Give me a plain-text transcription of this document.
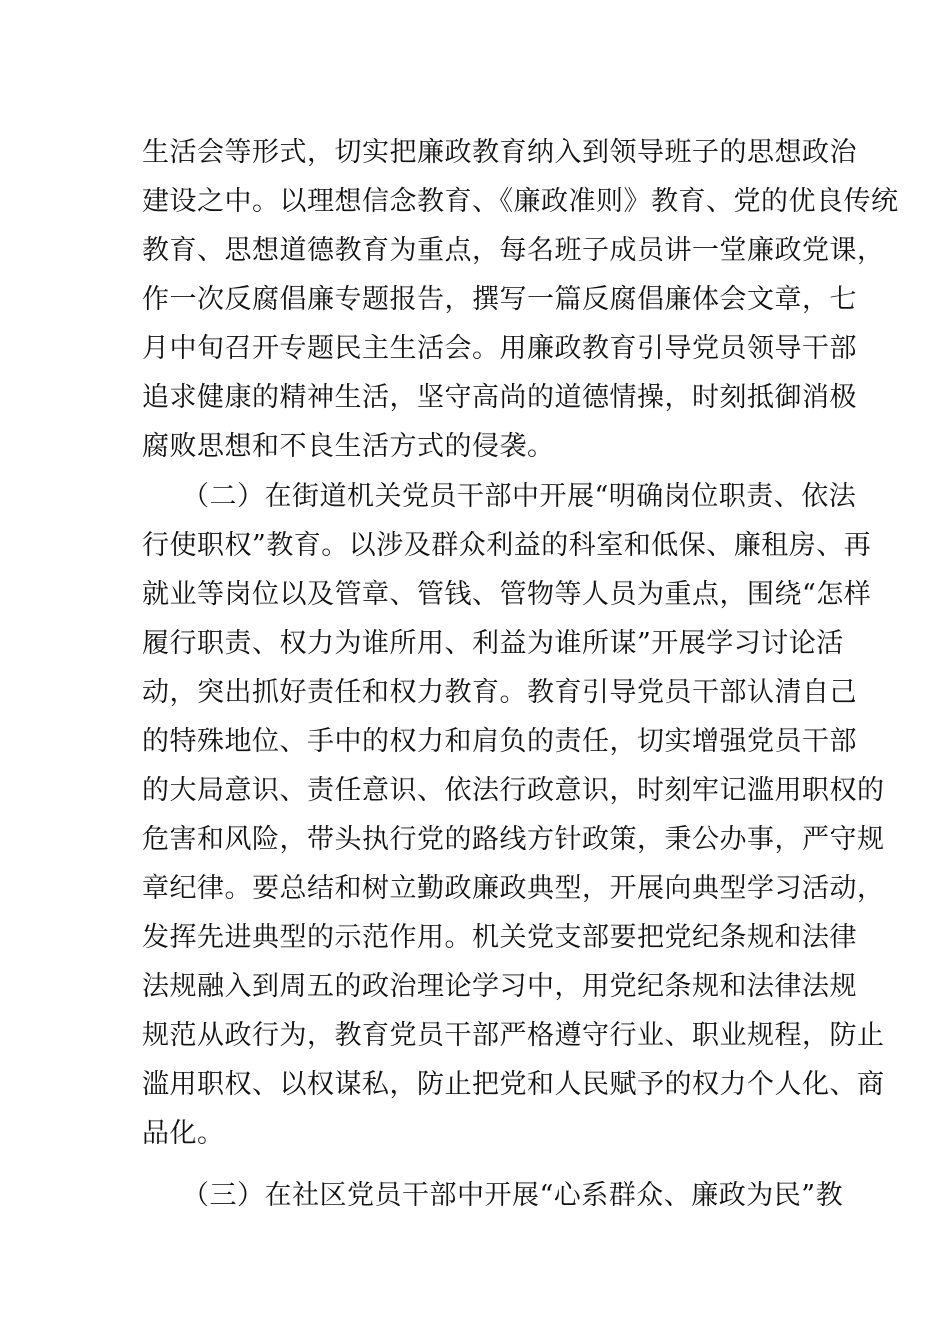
生活会等形式，切实把廉政教育纳入到领导班子的思想政治
建设之中。以理想信念教育、《廉政准则》教育、党的优良传统
教育、思想道德教育为重点，每名班子成员讲一堂廉政党课，
作一次反腐倡廉专题报告，撰写一篇反腐倡廉体会文章，七
月中旬召开专题民主生活会。用廉政教育引导党员领导干部
追求健康的精神生活，坚守高尚的道德情操，时刻抵御消极
腐败思想和不良生活方式的侵袭。
（二）在街道机关党员干部中开展“明确岗位职责、依法
行使职权”教育。以涉及群众利益的科室和低保、廉租房、再
就业等岗位以及管章、管钱、管物等人员为重点，围绕“怎样
履行职责、权力为谁所用、利益为谁所谋”开展学习讨论活
动，突出抓好责任和权力教育。教育引导党员干部认清自己
的特殊地位、手中的权力和肩负的责任，切实增强党员干部
的大局意识、责任意识、依法行政意识，时刻牢记滥用职权的
危害和风险，带头执行党的路线方针政策，秉公办事，严守规
章纪律。要总结和树立勤政廉政典型，开展向典型学习活动，
发挥先进典型的示范作用。机关党支部要把党纪条规和法律
法规融入到周五的政治理论学习中，用党纪条规和法律法规
规范从政行为，教育党员干部严格遵守行业、职业规程，防止
滥用职权、以权谋私，防止把党和人民赋予的权力个人化、商
品化。
（三）在社区党员干部中开展“心系群众、廉政为民”教
